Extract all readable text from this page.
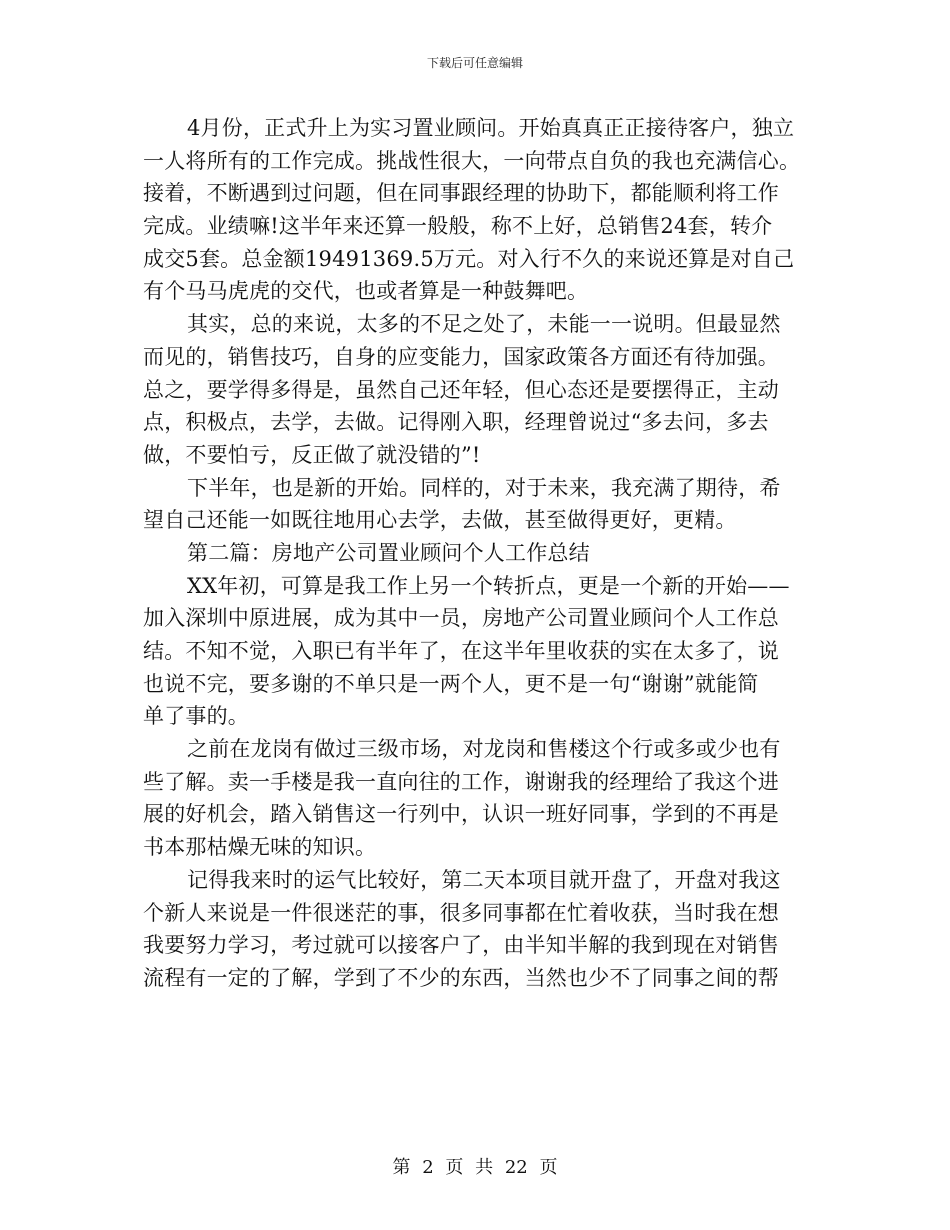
下载后可任意编辑
4月份，正式升上为实习置业顾问。开始真真正正接待客户，独立
一人将所有的工作完成。挑战性很大，一向带点自负的我也充满信心。
接着，不断遇到过问题，但在同事跟经理的协助下，都能顺利将工作
完成。业绩嘛!这半年来还算一般般，称不上好，总销售24套，转介
成交5套。总金额19491369.5万元。对入行不久的来说还算是对自己
有个马马虎虎的交代，也或者算是一种鼓舞吧。
其实，总的来说，太多的不足之处了，未能一一说明。但最显然
而见的，销售技巧，自身的应变能力，国家政策各方面还有待加强。
总之，要学得多得是，虽然自己还年轻，但心态还是要摆得正，主动
点，积极点，去学，去做。记得刚入职，经理曾说过“多去问，多去
做，不要怕亏，反正做了就没错的”!
下半年，也是新的开始。同样的，对于未来，我充满了期待，希
望自己还能一如既往地用心去学，去做，甚至做得更好，更精。
第二篇：房地产公司置业顾问个人工作总结
XX年初，可算是我工作上另一个转折点，更是一个新的开始——
加入深圳中原进展，成为其中一员，房地产公司置业顾问个人工作总
结。不知不觉，入职已有半年了，在这半年里收获的实在太多了，说
也说不完，要多谢的不单只是一两个人，更不是一句“谢谢”就能简
单了事的。
之前在龙岗有做过三级市场，对龙岗和售楼这个行或多或少也有
些了解。卖一手楼是我一直向往的工作，谢谢我的经理给了我这个进
展的好机会，踏入销售这一行列中，认识一班好同事，学到的不再是
书本那枯燥无味的知识。
记得我来时的运气比较好，第二天本项目就开盘了，开盘对我这
个新人来说是一件很迷茫的事，很多同事都在忙着收获，当时我在想
我要努力学习，考过就可以接客户了，由半知半解的我到现在对销售
流程有一定的了解，学到了不少的东西，当然也少不了同事之间的帮
第 2 页 共 22 页
